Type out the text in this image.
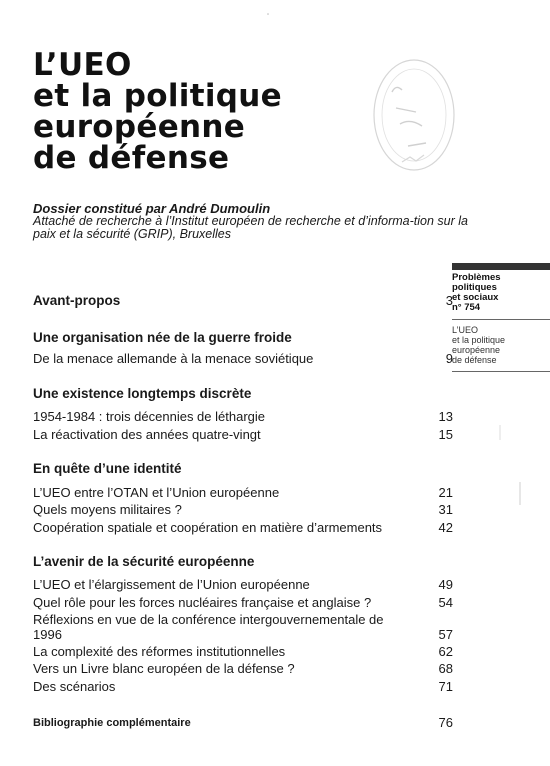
L’UEO
et la politique
européenne
de défense
Dossier constitué par André Dumoulin
Attaché de recherche à l’Institut européen de recherche et d’informa-tion sur la paix et la sécurité (GRIP), Bruxelles
Problèmes
politiques
et sociaux
n° 754
L’UEO
et la politique
européenne
de défense
Avant-propos	3
Une organisation née de la guerre froide
De la menace allemande à la menace soviétique	9
Une existence longtemps discrète
1954-1984 : trois décennies de léthargie	13
La réactivation des années quatre-vingt	15
En quête d’une identité
L’UEO entre l’OTAN et l’Union européenne	21
Quels moyens militaires ?	31
Coopération spatiale et coopération en matière d’armements	42
L’avenir de la sécurité européenne
L’UEO et l’élargissement de l’Union européenne	49
Quel rôle pour les forces nucléaires française et anglaise ?	54
Réflexions en vue de la conférence intergouvernementale de 1996	57
La complexité des réformes institutionnelles	62
Vers un Livre blanc européen de la défense ?	68
Des scénarios	71
Bibliographie complémentaire	76
